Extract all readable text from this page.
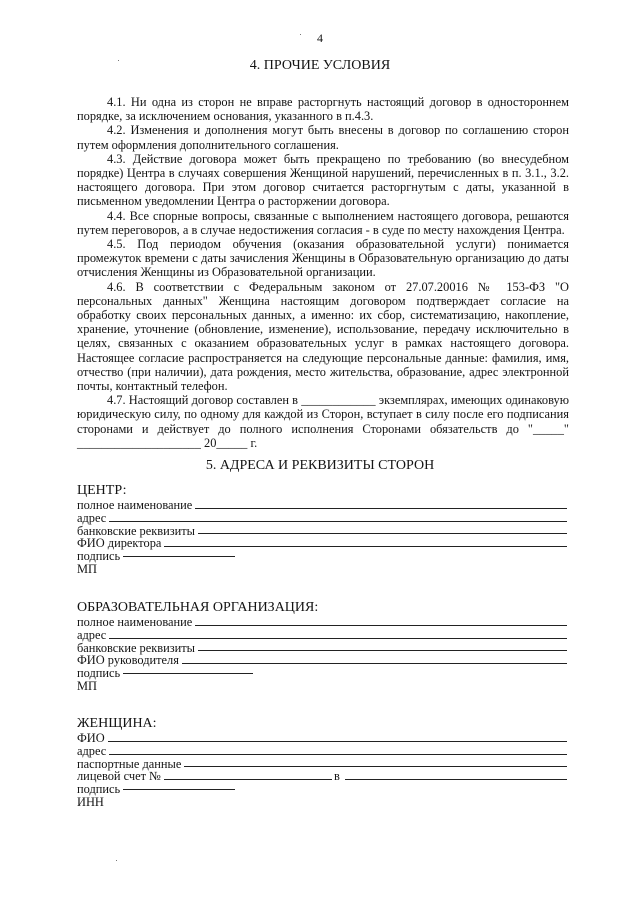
4
4. ПРОЧИЕ УСЛОВИЯ

4.1. Ни одна из сторон не вправе расторгнуть настоящий договор в одностороннем порядке, за исключением основания, указанного в п.4.3.

4.2. Изменения и дополнения могут быть внесены в договор по соглашению сторон путем оформления дополнительного соглашения.

4.3. Действие договора может быть прекращено по требованию (во внесудебном порядке) Центра в случаях совершения Женщиной нарушений, перечисленных в п. 3.1., 3.2. настоящего договора. При этом договор считается расторгнутым с даты, указанной в письменном уведомлении Центра о расторжении договора.

4.4. Все спорные вопросы, связанные с выполнением настоящего договора, решаются путем переговоров, а в случае недостижения согласия - в суде по месту нахождения Центра.

4.5. Под периодом обучения (оказания образовательной услуги) понимается промежуток времени с даты зачисления Женщины в Образовательную организацию до даты отчисления Женщины из Образовательной организации.

4.6. В соответствии с Федеральным законом от 27.07.20016 № 153-ФЗ "О персональных данных" Женщина настоящим договором подтверждает согласие на обработку своих персональных данных, а именно: их сбор, систематизацию, накопление, хранение, уточнение (обновление, изменение), использование, передачу исключительно в целях, связанных с оказанием образовательных услуг в рамках настоящего договора. Настоящее согласие распространяется на следующие персональные данные: фамилия, имя, отчество (при наличии), дата рождения, место жительства, образование, адрес электронной почты, контактный телефон.

4.7. Настоящий договор составлен в ____________ экземплярах, имеющих одинаковую юридическую силу, по одному для каждой из Сторон, вступает в силу после его подписания сторонами и действует до полного исполнения Сторонами обязательств до "_____" ____________________ 20_____ г.

5. АДРЕСА И РЕКВИЗИТЫ СТОРОН
ЦЕНТР:
полное наименование
адрес
банковские реквизиты
ФИО директора
подпись
МП
ОБРАЗОВАТЕЛЬНАЯ ОРГАНИЗАЦИЯ:
полное наименование
адрес
банковские реквизиты
ФИО руководителя
подпись
МП
ЖЕНЩИНА:
ФИО
адрес
паспортные данные
лицевой счет №	в
подпись
ИНН
